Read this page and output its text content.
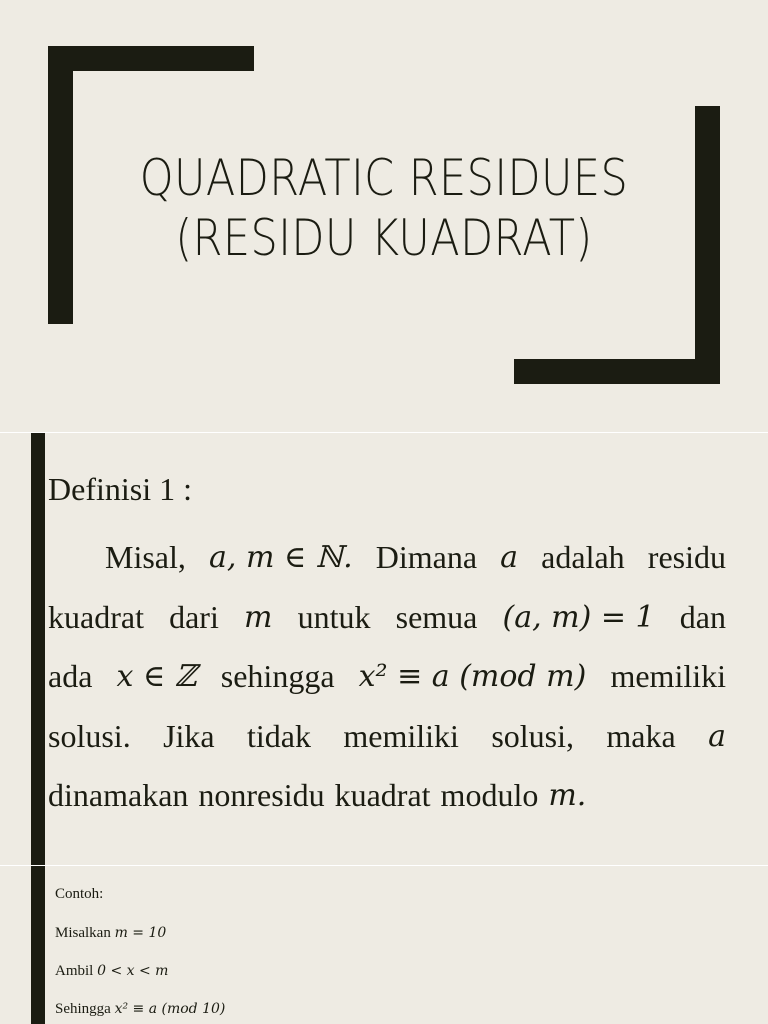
QUADRATIC RESIDUES
(RESIDU KUADRAT)
Definisi 1 :
Misal, a, m ∈ ℕ. Dimana a adalah residu
kuadrat dari m untuk semua (a, m) = 1 dan
ada x ∈ ℤ sehingga x² ≡ a (mod m) memiliki
solusi. Jika tidak memiliki solusi, maka a
dinamakan nonresidu kuadrat modulo m.
Contoh:
Misalkan m = 10
Ambil 0 < x < m
Sehingga x² ≡ a (mod 10)
